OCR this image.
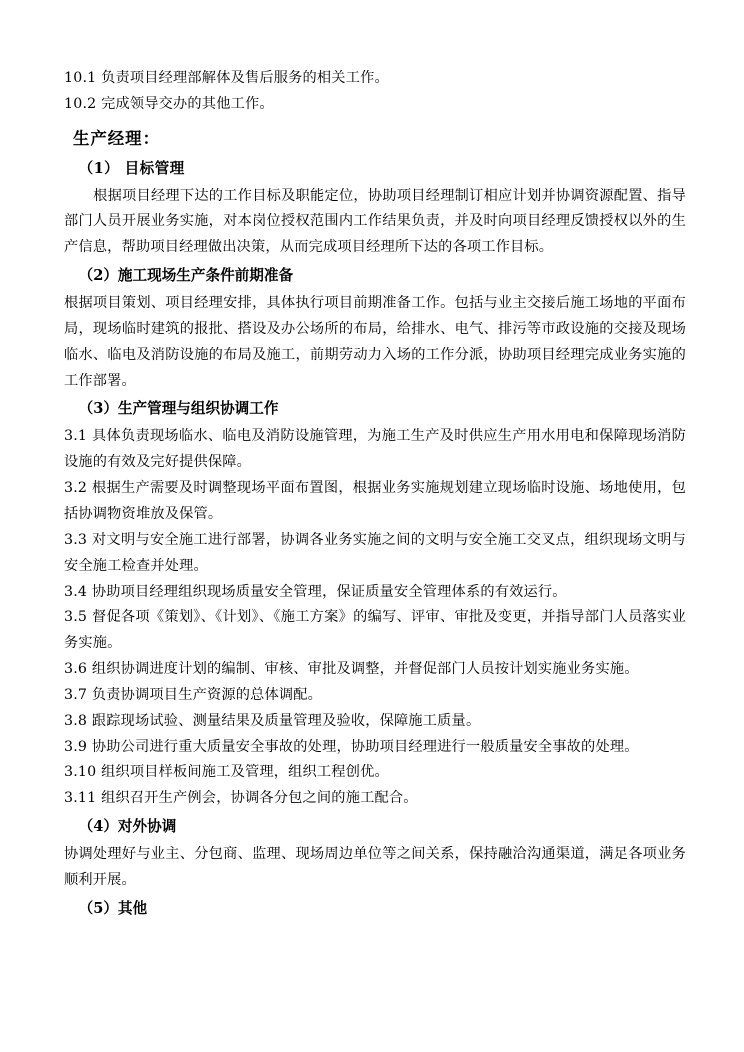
10.1 负责项目经理部解体及售后服务的相关工作。

10.2 完成领导交办的其他工作。

生产经理：

（1） 目标管理

根据项目经理下达的工作目标及职能定位，协助项目经理制订相应计划并协调资源配置、指导部门人员开展业务实施，对本岗位授权范围内工作结果负责，并及时向项目经理反馈授权以外的生产信息，帮助项目经理做出决策，从而完成项目经理所下达的各项工作目标。

（2）施工现场生产条件前期准备

根据项目策划、项目经理安排，具体执行项目前期准备工作。包括与业主交接后施工场地的平面布局，现场临时建筑的报批、搭设及办公场所的布局，给排水、电气、排污等市政设施的交接及现场临水、临电及消防设施的布局及施工，前期劳动力入场的工作分派，协助项目经理完成业务实施的工作部署。

（3）生产管理与组织协调工作

3.1 具体负责现场临水、临电及消防设施管理，为施工生产及时供应生产用水用电和保障现场消防设施的有效及完好提供保障。

3.2 根据生产需要及时调整现场平面布置图，根据业务实施规划建立现场临时设施、场地使用，包括协调物资堆放及保管。

3.3 对文明与安全施工进行部署，协调各业务实施之间的文明与安全施工交叉点，组织现场文明与安全施工检查并处理。

3.4 协助项目经理组织现场质量安全管理，保证质量安全管理体系的有效运行。

3.5 督促各项《策划》、《计划》、《施工方案》的编写、评审、审批及变更，并指导部门人员落实业务实施。

3.6 组织协调进度计划的编制、审核、审批及调整，并督促部门人员按计划实施业务实施。

3.7 负责协调项目生产资源的总体调配。

3.8 跟踪现场试验、测量结果及质量管理及验收，保障施工质量。

3.9 协助公司进行重大质量安全事故的处理，协助项目经理进行一般质量安全事故的处理。

3.10 组织项目样板间施工及管理，组织工程创优。

3.11 组织召开生产例会，协调各分包之间的施工配合。

（4）对外协调

协调处理好与业主、分包商、监理、现场周边单位等之间关系，保持融洽沟通渠道，满足各项业务顺利开展。

（5）其他
